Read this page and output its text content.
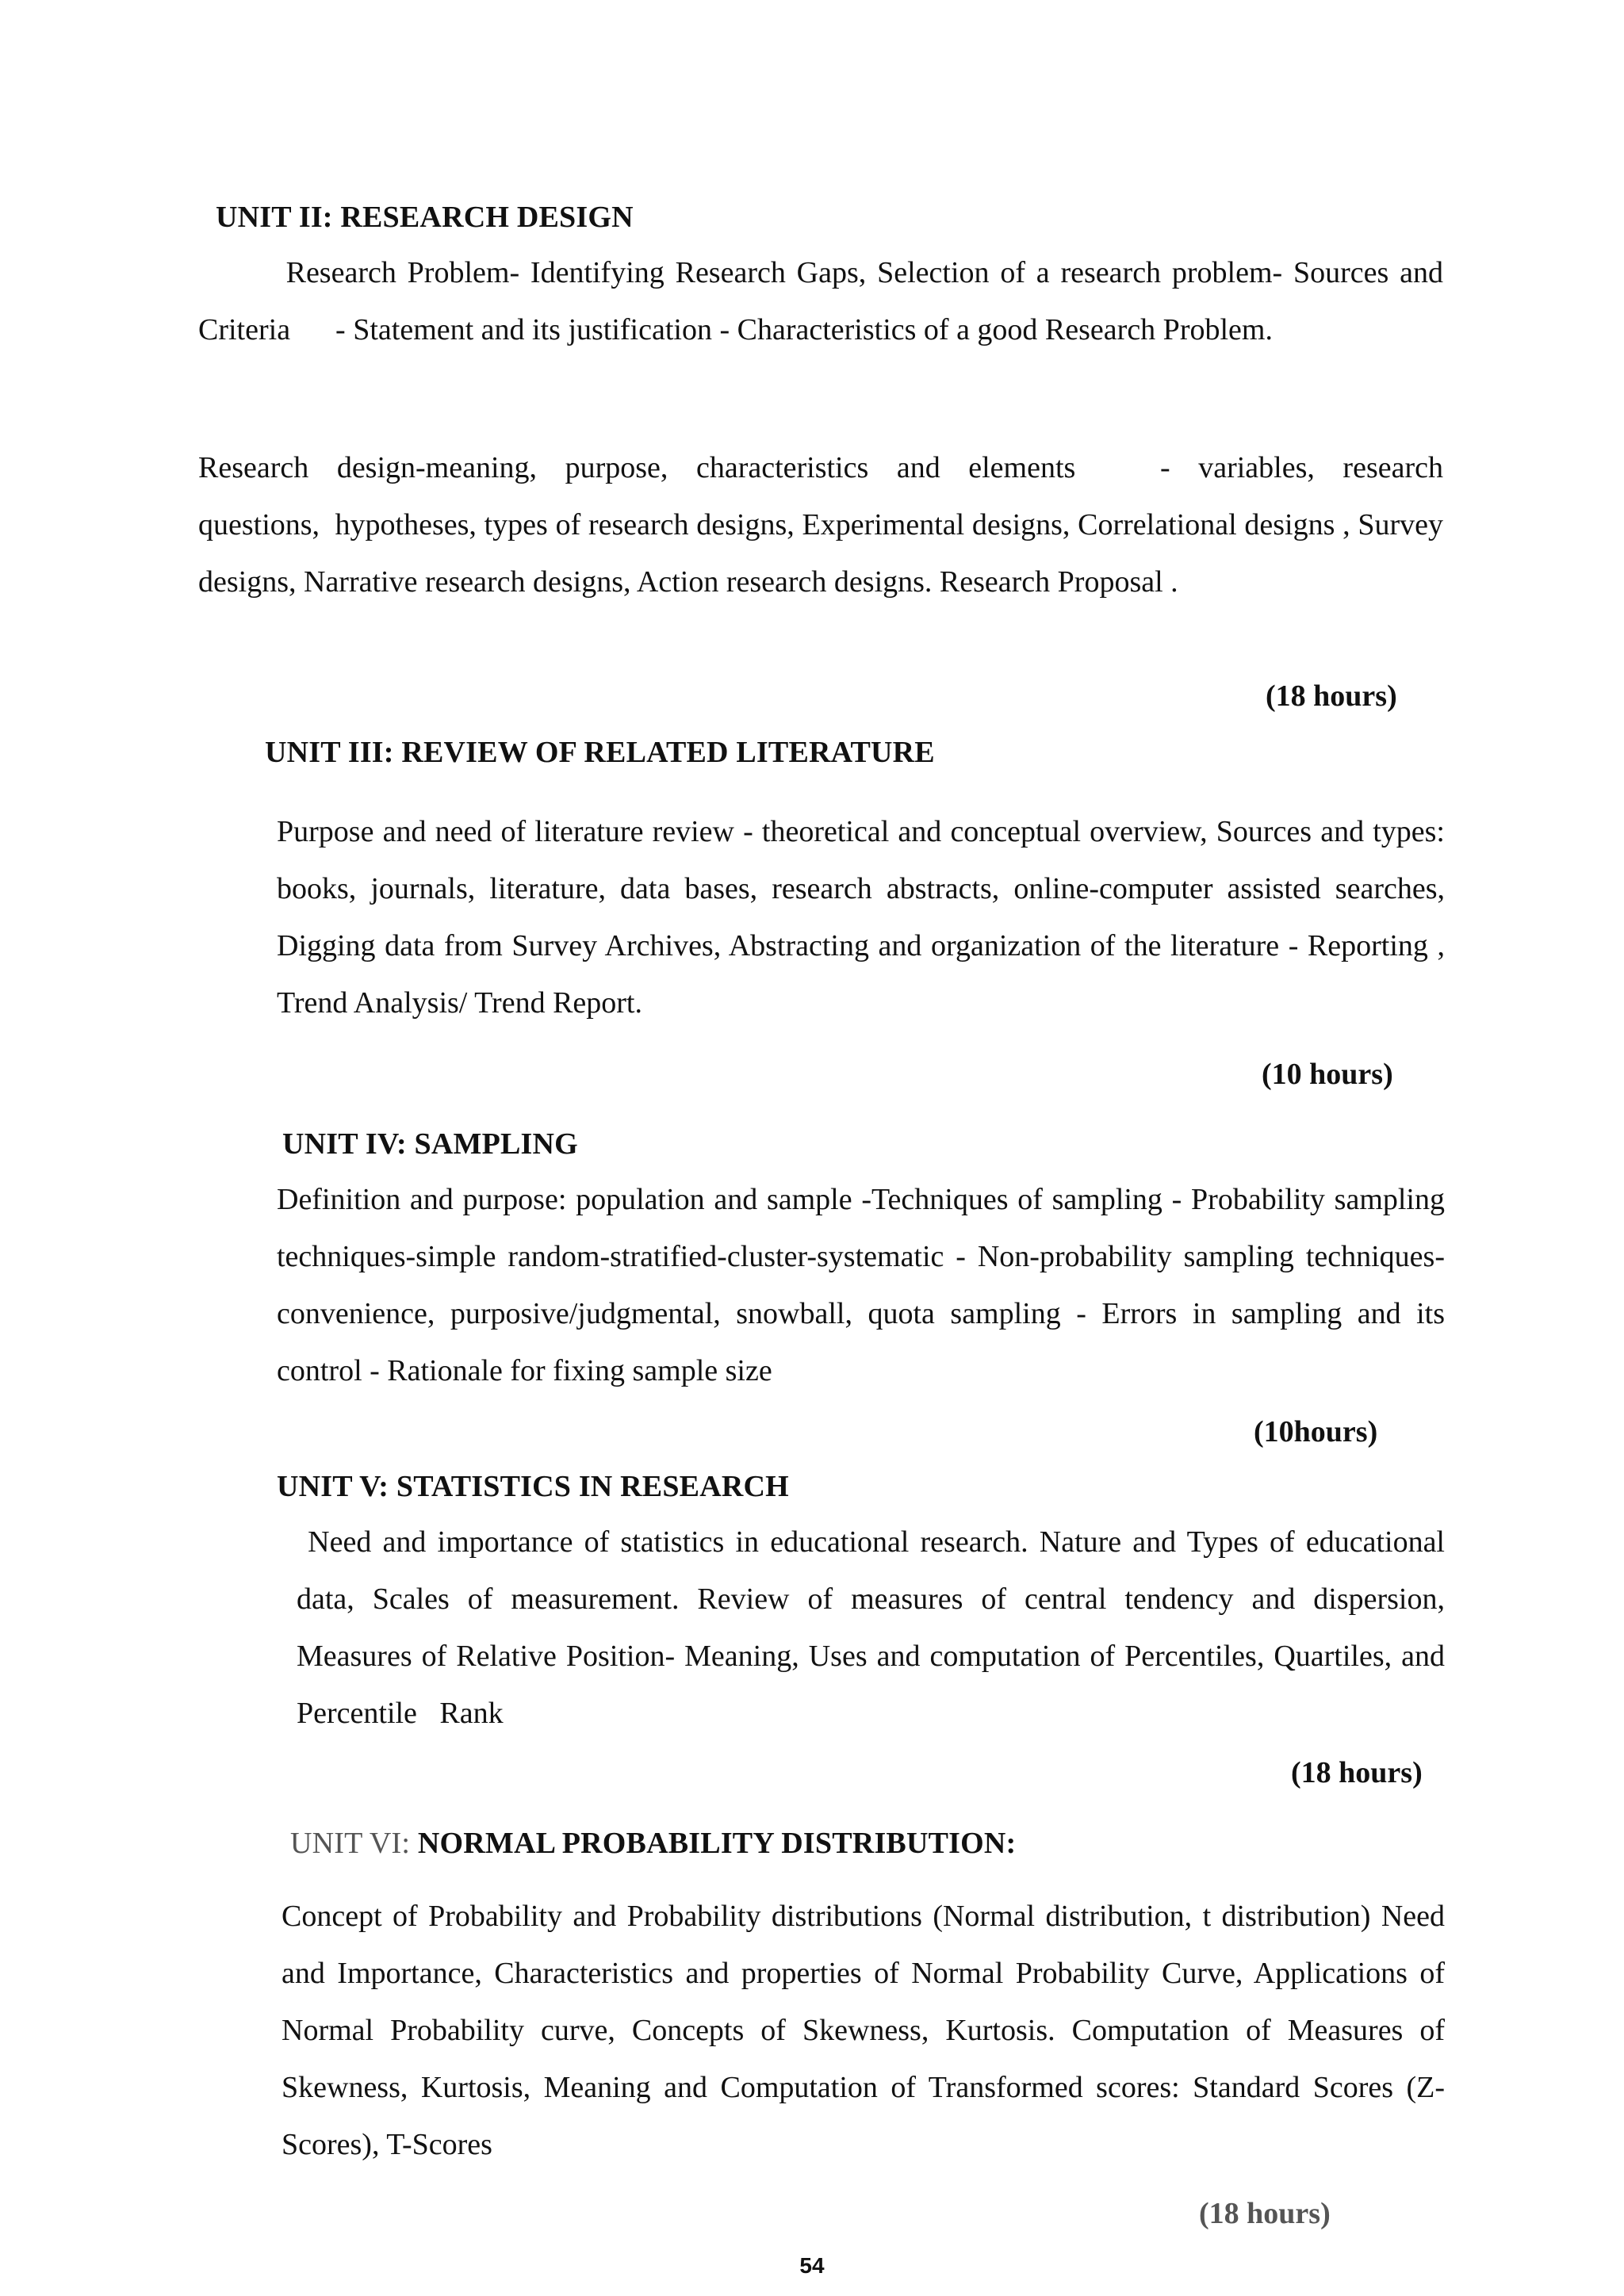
UNIT II: RESEARCH DESIGN

Research Problem- Identifying Research Gaps, Selection of a research problem- Sources and Criteria      - Statement and its justification - Characteristics of a good Research Problem.

Research design-meaning, purpose, characteristics and elements   - variables, research questions,  hypotheses, types of research designs, Experimental designs, Correlational designs , Survey designs, Narrative research designs, Action research designs. Research Proposal .

(18 hours)
UNIT III: REVIEW OF RELATED LITERATURE

Purpose and need of literature review - theoretical and conceptual overview, Sources and types: books, journals, literature, data bases, research abstracts, online-computer assisted searches, Digging data from Survey Archives, Abstracting and organization of the literature - Reporting , Trend Analysis/ Trend Report.

(10 hours)
UNIT IV: SAMPLING

Definition and purpose: population and sample -Techniques of sampling - Probability sampling techniques-simple random-stratified-cluster-systematic - Non-probability sampling techniques-convenience, purposive/judgmental, snowball, quota sampling - Errors in sampling and its control - Rationale for fixing sample size

(10hours)
UNIT V: STATISTICS IN RESEARCH

Need and importance of statistics in educational research. Nature and Types of educational data, Scales of measurement. Review of measures of central tendency and dispersion, Measures of Relative Position- Meaning, Uses and computation of Percentiles, Quartiles, and Percentile   Rank

(18 hours)
UNIT VI: NORMAL PROBABILITY DISTRIBUTION:

Concept of Probability and Probability distributions (Normal distribution, t distribution) Need and Importance, Characteristics and properties of Normal Probability Curve, Applications of Normal Probability curve, Concepts of Skewness, Kurtosis. Computation of Measures of Skewness, Kurtosis, Meaning and Computation of Transformed scores: Standard Scores (Z-Scores), T-Scores

(18 hours)
54
